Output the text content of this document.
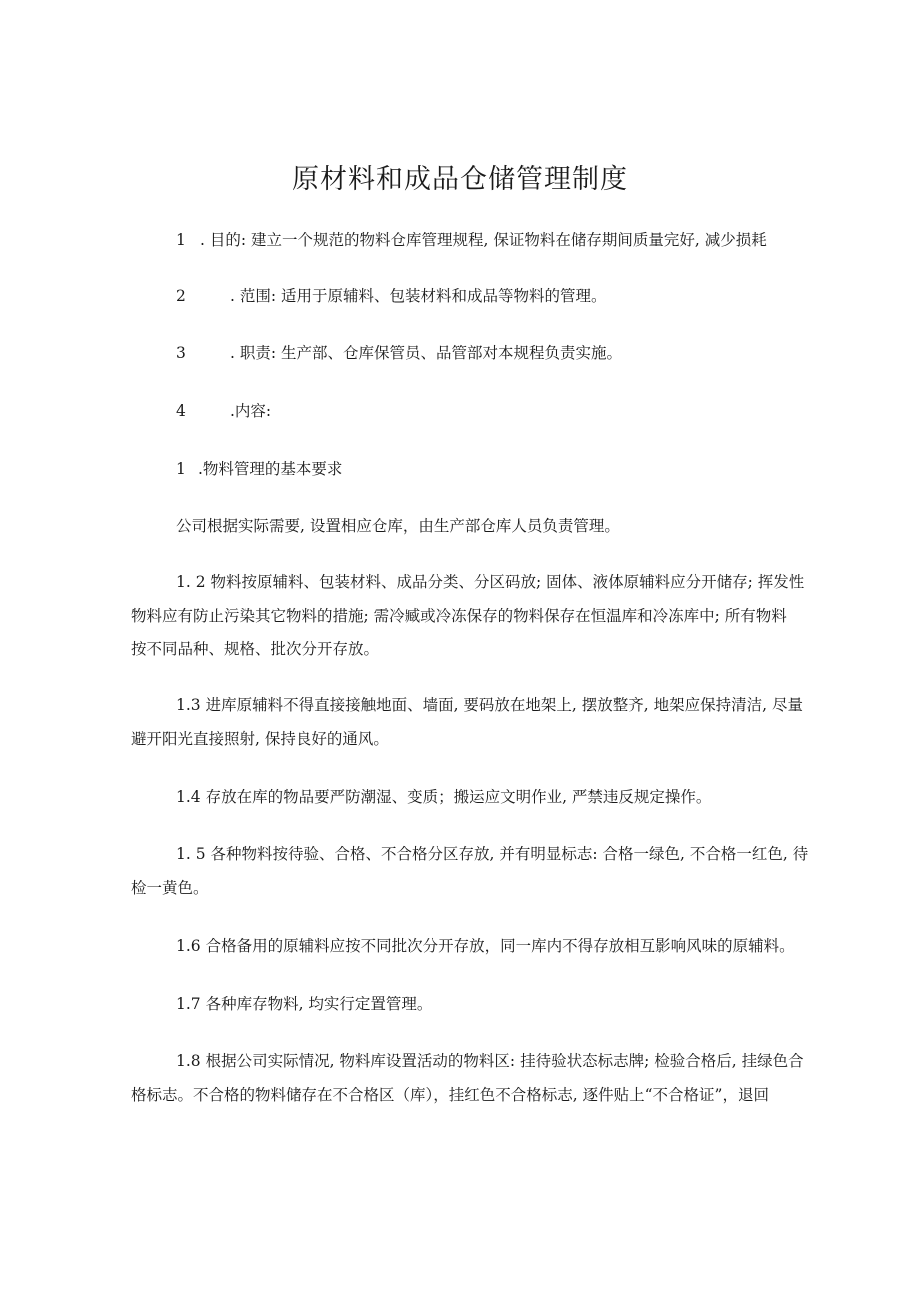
原材料和成品仓储管理制度
1 . 目的: 建立一个规范的物料仓库管理规程, 保证物料在储存期间质量完好, 减少损耗
2	. 范围: 适用于原辅料、包装材料和成品等物料的管理。
3	. 职责: 生产部、仓库保管员、品管部对本规程负责实施。
4	.内容:
1 .物料管理的基本要求
公司根据实际需要, 设置相应仓库，由生产部仓库人员负责管理。
1. 2 物料按原辅料、包装材料、成品分类、分区码放; 固体、液体原辅料应分开储存; 挥发性
物料应有防止污染其它物料的措施; 需冷臧或冷冻保存的物料保存在恒温库和冷冻库中; 所有物料
按不同品种、规格、批次分开存放。
1.3 进库原辅料不得直接接触地面、墙面, 要码放在地架上, 摆放整齐, 地架应保持清洁, 尽量
避开阳光直接照射, 保持良好的通风。
1.4 存放在库的物品要严防潮湿、变质；搬运应文明作业, 严禁违反规定操作。
1. 5 各种物料按待验、合格、不合格分区存放, 并有明显标志: 合格一绿色, 不合格一红色, 待
检一黄色。
1.6 合格备用的原辅料应按不同批次分开存放，同一库内不得存放相互影响风味的原辅料。
1.7 各种库存物料, 均实行定置管理。
1.8 根据公司实际情况, 物料库设置活动的物料区: 挂待验状态标志牌; 检验合格后, 挂绿色合
格标志。不合格的物料储存在不合格区（库），挂红色不合格标志, 逐件贴上“不合格证”，退回
